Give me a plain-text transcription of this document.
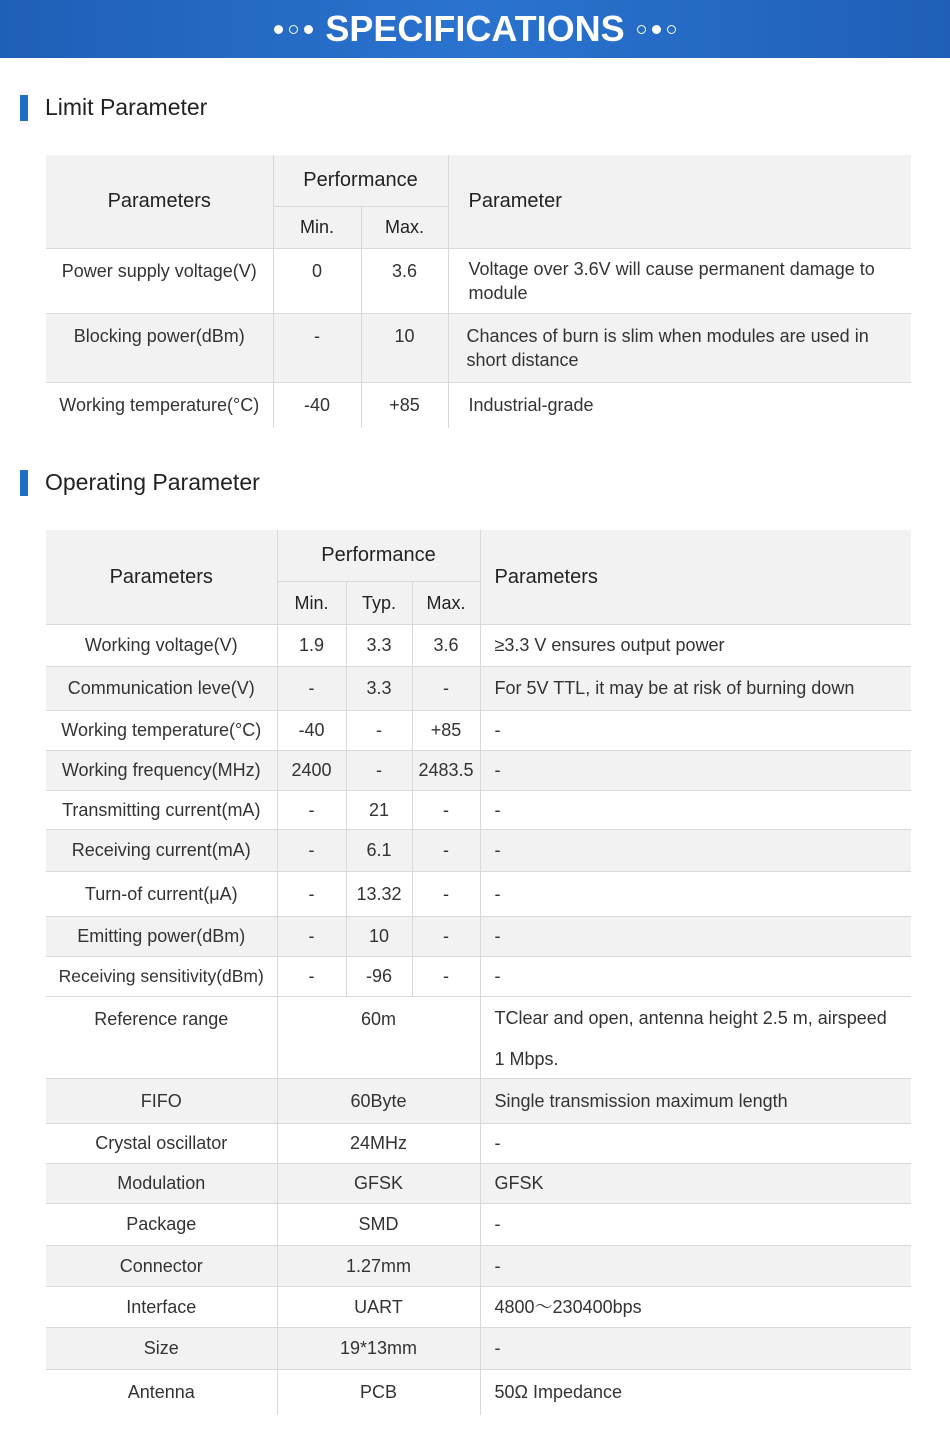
SPECIFICATIONS
Limit Parameter
Parameters	Performance		Parameter
	Min.	Max.	
Power supply voltage(V)	0	3.6	Voltage over 3.6V will cause permanent damage to module
Blocking power(dBm)	-	10	Chances of burn is slim when modules are used in short distance
Working temperature(°C)	-40	+85	Industrial-grade
Operating Parameter
Parameters	Performance			Parameters
	Min.	Typ.	Max.	
Working voltage(V)	1.9	3.3	3.6	≥3.3 V ensures output power
Communication leve(V)	-	3.3	-	For 5V TTL, it may be at risk of burning down
Working temperature(°C)	-40	-	+85	-
Working frequency(MHz)	2400	-	2483.5	-
Transmitting current(mA)	-	21	-	-
Receiving current(mA)	-	6.1	-	-
Turn-of current(μA)	-	13.32	-	-
Emitting power(dBm)	-	10	-	-
Receiving sensitivity(dBm)	-	-96	-	-
Reference range	60m			TClear and open, antenna height 2.5 m, airspeed
1 Mbps.

FIFO	60Byte			Single transmission maximum length
Crystal oscillator	24MHz			-
Modulation	GFSK			GFSK
Package	SMD			-
Connector	1.27mm			-
Interface	UART			4800～230400bps
Size	19*13mm			-
Antenna	PCB			50Ω Impedance
